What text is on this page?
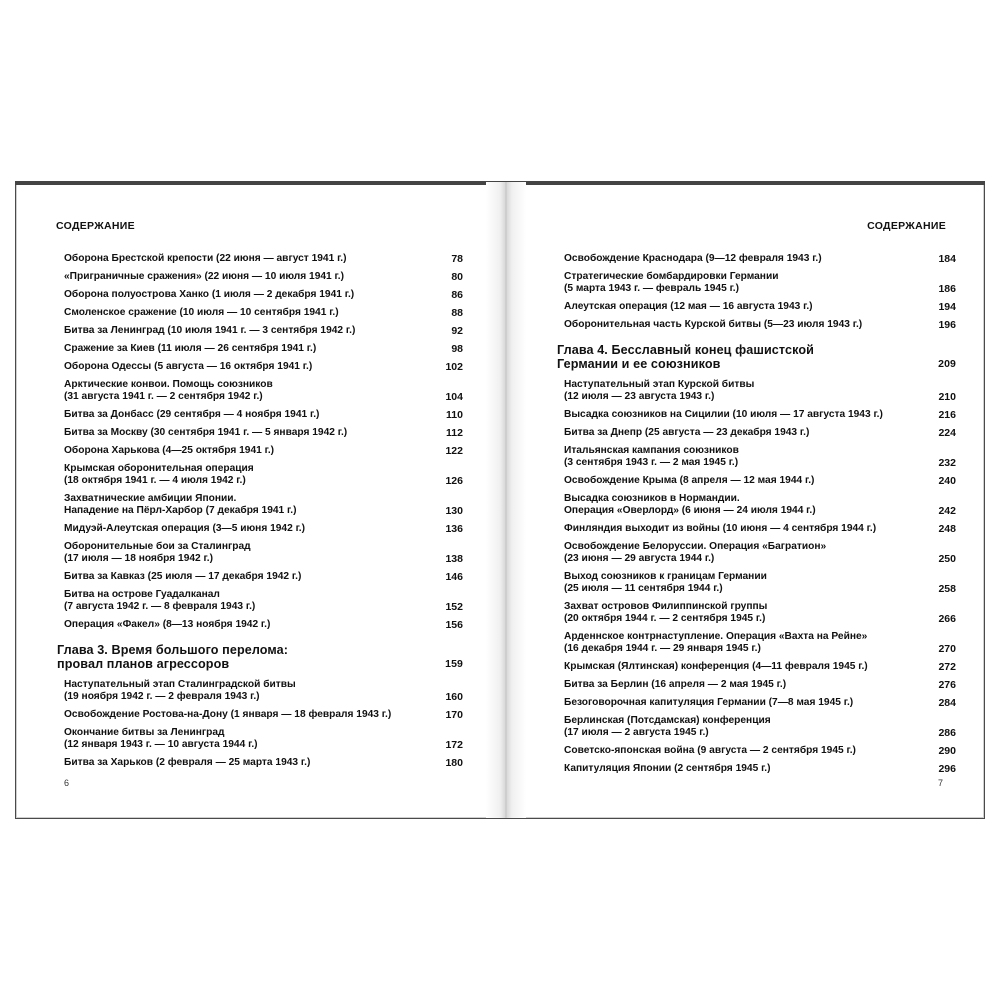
СОДЕРЖАНИЕ
Оборона Брестской крепости (22 июня — август 1941 г.)	78
«Приграничные сражения» (22 июня — 10 июля 1941 г.)	80
Оборона полуострова Ханко (1 июля — 2 декабря 1941 г.)	86
Смоленское сражение (10 июля — 10 сентября 1941 г.)	88
Битва за Ленинград (10 июля 1941 г. — 3 сентября 1942 г.)	92
Сражение за Киев (11 июля — 26 сентября 1941 г.)	98
Оборона Одессы (5 августа — 16 октября 1941 г.)	102
Арктические конвои. Помощь союзников
(31 августа 1941 г. — 2 сентября 1942 г.)	104
Битва за Донбасс (29 сентября — 4 ноября 1941 г.)	110
Битва за Москву (30 сентября 1941 г. — 5 января 1942 г.)	112
Оборона Харькова (4—25 октября 1941 г.)	122
Крымская оборонительная операция
(18 октября 1941 г. — 4 июля 1942 г.)	126
Захватнические амбиции Японии.
Нападение на Пёрл-Харбор (7 декабря 1941 г.)	130
Мидуэй-Алеутская операция (3—5 июня 1942 г.)	136
Оборонительные бои за Сталинград
(17 июля — 18 ноября 1942 г.)	138
Битва за Кавказ (25 июля — 17 декабря 1942 г.)	146
Битва на острове Гуадалканал
(7 августа 1942 г. — 8 февраля 1943 г.)	152
Операция «Факел» (8—13 ноября 1942 г.)	156
Глава 3. Время большого перелома:
провал планов агрессоров	159
Наступательный этап Сталинградской битвы
(19 ноября 1942 г. — 2 февраля 1943 г.)	160
Освобождение Ростова-на-Дону (1 января — 18 февраля 1943 г.)	170
Окончание битвы за Ленинград
(12 января 1943 г. — 10 августа 1944 г.)	172
Битва за Харьков (2 февраля — 25 марта 1943 г.)	180
6
СОДЕРЖАНИЕ
Освобождение Краснодара (9—12 февраля 1943 г.)	184
Стратегические бомбардировки Германии
(5 марта 1943 г. — февраль 1945 г.)	186
Алеутская операция (12 мая — 16 августа 1943 г.)	194
Оборонительная часть Курской битвы (5—23 июля 1943 г.)	196
Глава 4. Бесславный конец фашистской
Германии и ее союзников	209
Наступательный этап Курской битвы
(12 июля — 23 августа 1943 г.)	210
Высадка союзников на Сицилии (10 июля — 17 августа 1943 г.)	216
Битва за Днепр (25 августа — 23 декабря 1943 г.)	224
Итальянская кампания союзников
(3 сентября 1943 г. — 2 мая 1945 г.)	232
Освобождение Крыма (8 апреля — 12 мая 1944 г.)	240
Высадка союзников в Нормандии.
Операция «Оверлорд» (6 июня — 24 июля 1944 г.)	242
Финляндия выходит из войны (10 июня — 4 сентября 1944 г.)	248
Освобождение Белоруссии. Операция «Багратион»
(23 июня — 29 августа 1944 г.)	250
Выход союзников к границам Германии
(25 июля — 11 сентября 1944 г.)	258
Захват островов Филиппинской группы
(20 октября 1944 г. — 2 сентября 1945 г.)	266
Арденнское контрнаступление. Операция «Вахта на Рейне»
(16 декабря 1944 г. — 29 января 1945 г.)	270
Крымская (Ялтинская) конференция (4—11 февраля 1945 г.)	272
Битва за Берлин (16 апреля — 2 мая 1945 г.)	276
Безоговорочная капитуляция Германии (7—8 мая 1945 г.)	284
Берлинская (Потсдамская) конференция
(17 июля — 2 августа 1945 г.)	286
Советско-японская война (9 августа — 2 сентября 1945 г.)	290
Капитуляция Японии (2 сентября 1945 г.)	296
7
